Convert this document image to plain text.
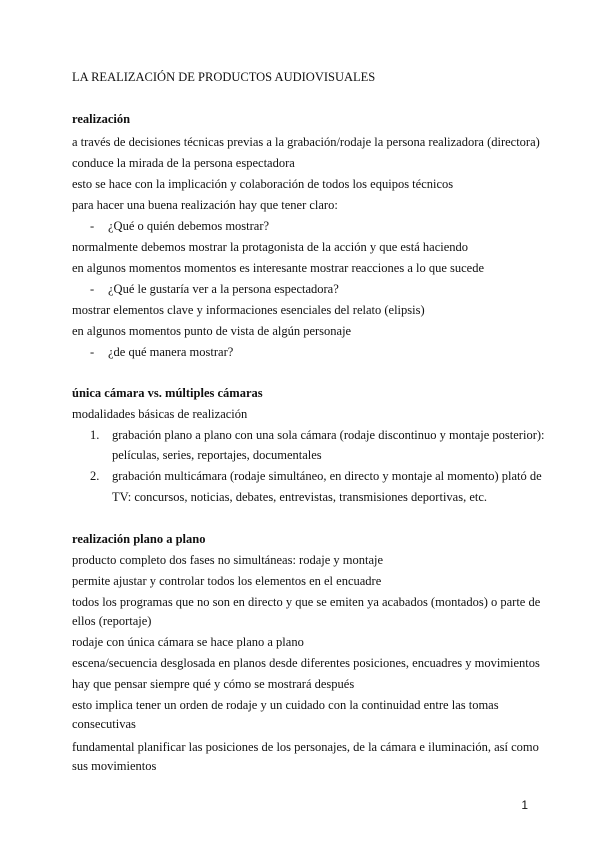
LA REALIZACIÓN DE PRODUCTOS AUDIOVISUALES
realización
a través de decisiones técnicas previas a la grabación/rodaje la persona realizadora (directora)
conduce la mirada de la persona espectadora
esto se hace con la implicación y colaboración de todos los equipos técnicos
para hacer una buena realización hay que tener claro:
- ¿Qué o quién debemos mostrar?
normalmente debemos mostrar la protagonista de la acción y que está haciendo
en algunos momentos momentos es interesante mostrar reacciones a lo que sucede
- ¿Qué le gustaría ver a la persona espectadora?
mostrar elementos clave y informaciones esenciales del relato (elipsis)
en algunos momentos punto de vista de algún personaje
- ¿de qué manera mostrar?
única cámara vs. múltiples cámaras
modalidades básicas de realización
1. grabación plano a plano con una sola cámara (rodaje discontinuo y montaje posterior):
películas, series, reportajes, documentales
2. grabación multicámara (rodaje simultáneo, en directo y montaje al momento) plató de
TV: concursos, noticias, debates, entrevistas, transmisiones deportivas, etc.
realización plano a plano
producto completo dos fases no simultáneas: rodaje y montaje
permite ajustar y controlar todos los elementos en el encuadre
todos los programas que no son en directo y que se emiten ya acabados (montados) o parte de
ellos (reportaje)
rodaje con única cámara se hace plano a plano
escena/secuencia desglosada en planos desde diferentes posiciones, encuadres y movimientos
hay que pensar siempre qué y cómo se mostrará después
esto implica tener un orden de rodaje y un cuidado con la continuidad entre las tomas
consecutivas
fundamental planificar las posiciones de los personajes, de la cámara e iluminación, así como
sus movimientos
1
